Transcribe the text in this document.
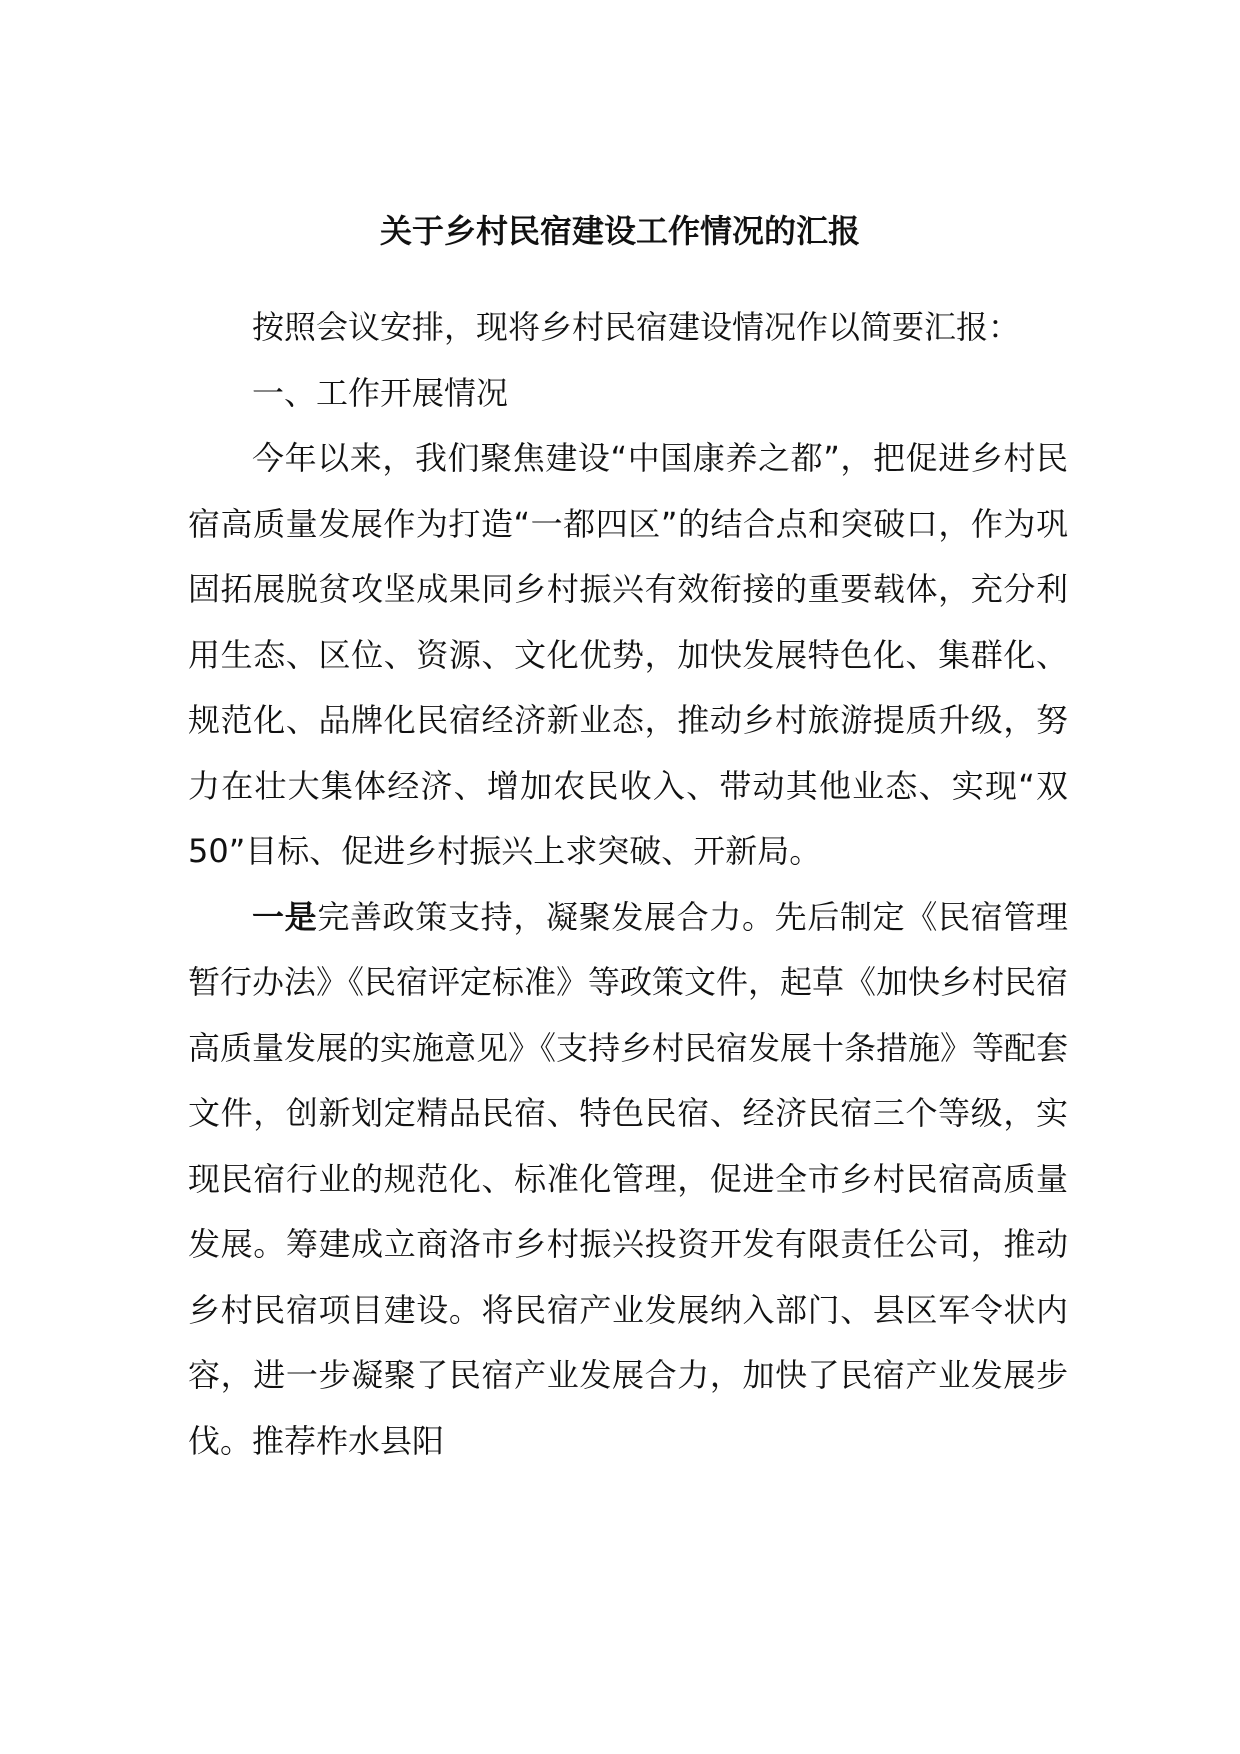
关于乡村民宿建设工作情况的汇报

按照会议安排，现将乡村民宿建设情况作以简要汇报：

一、工作开展情况

今年以来，我们聚焦建设“中国康养之都”，把促进乡村民宿高质量发展作为打造“一都四区”的结合点和突破口，作为巩固拓展脱贫攻坚成果同乡村振兴有效衔接的重要载体，充分利用生态、区位、资源、文化优势，加快发展特色化、集群化、规范化、品牌化民宿经济新业态，推动乡村旅游提质升级，努力在壮大集体经济、增加农民收入、带动其他业态、实现“双50”目标、促进乡村振兴上求突破、开新局。

一是完善政策支持，凝聚发展合力。先后制定《民宿管理暂行办法》《民宿评定标准》等政策文件，起草《加快乡村民宿高质量发展的实施意见》《支持乡村民宿发展十条措施》等配套文件，创新划定精品民宿、特色民宿、经济民宿三个等级，实现民宿行业的规范化、标准化管理，促进全市乡村民宿高质量发展。筹建成立商洛市乡村振兴投资开发有限责任公司，推动乡村民宿项目建设。将民宿产业发展纳入部门、县区军令状内容，进一步凝聚了民宿产业发展合力，加快了民宿产业发展步伐。推荐柞水县阳
